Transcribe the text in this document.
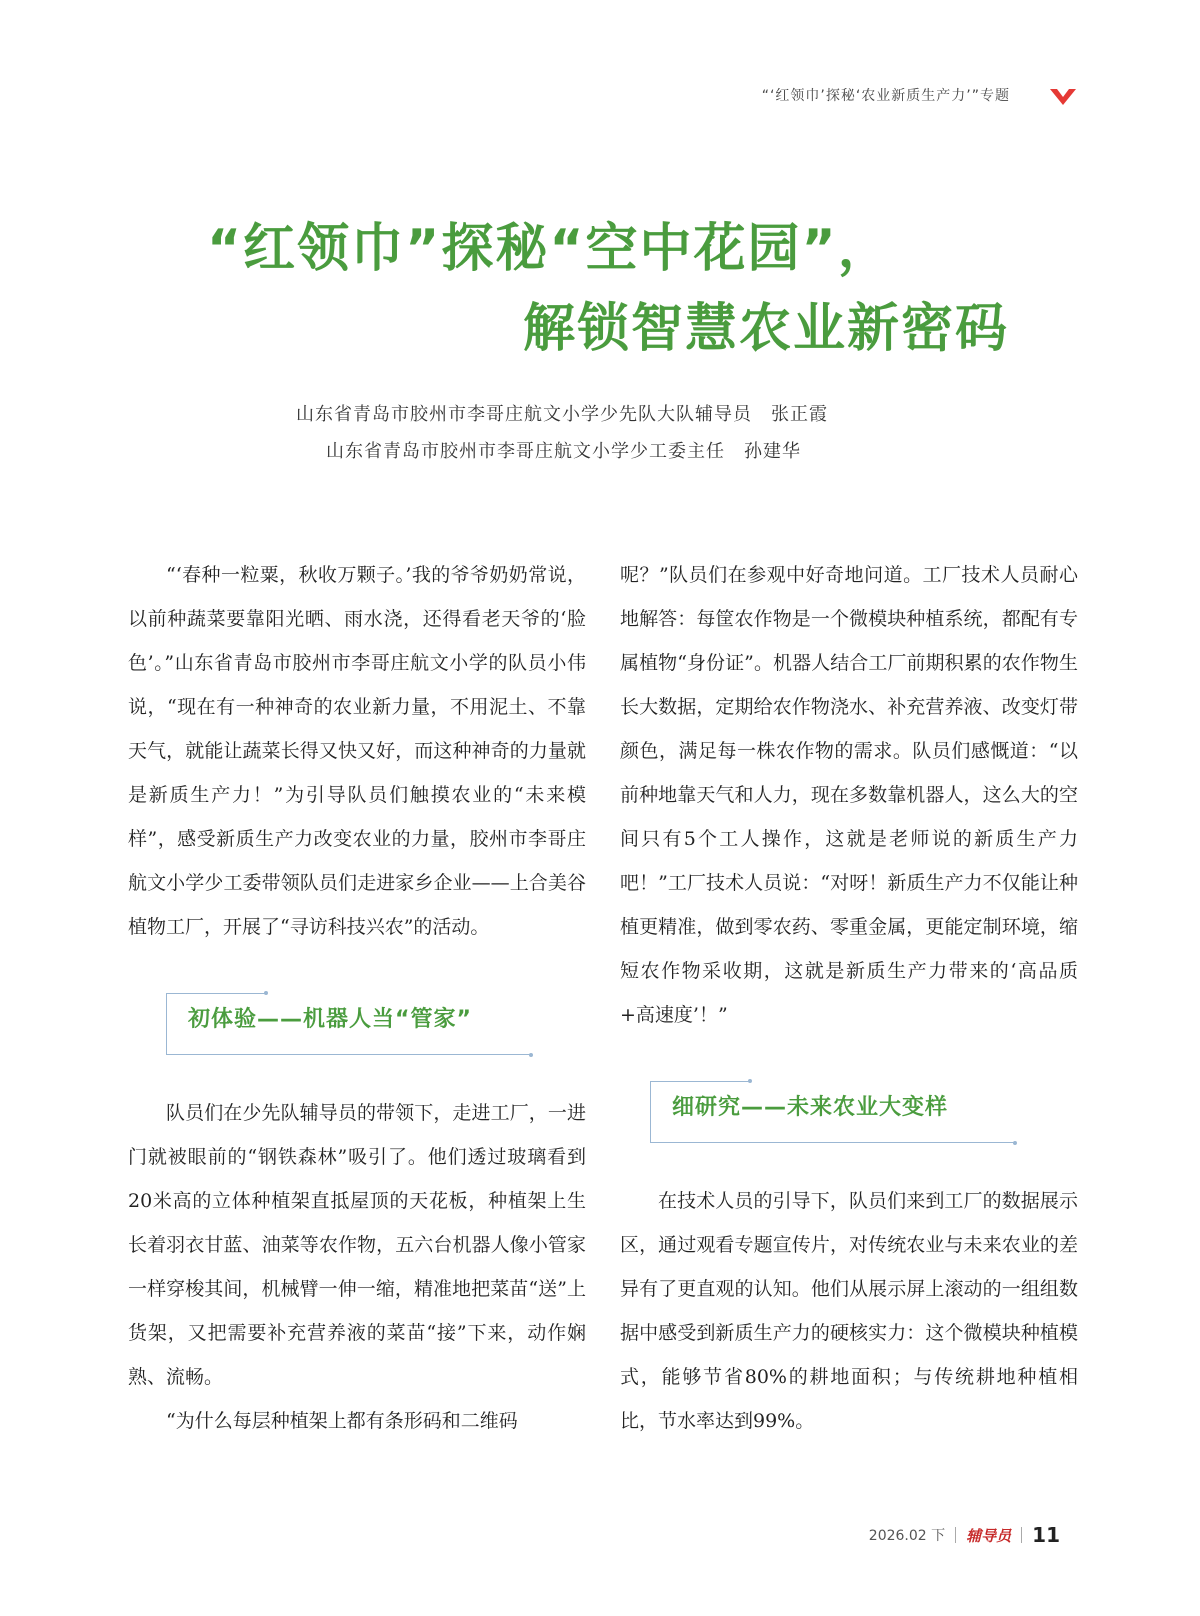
“‘红领巾’探秘‘农业新质生产力’”专题
“红领巾”探秘“空中花园”，
解锁智慧农业新密码
山东省青岛市胶州市李哥庄航文小学少先队大队辅导员　张正霞
山东省青岛市胶州市李哥庄航文小学少工委主任　孙建华

“‘春种一粒粟，秋收万颗子。’我的爷爷奶奶常说，以前种蔬菜要靠阳光晒、雨水浇，还得看老天爷的‘脸色’。”山东省青岛市胶州市李哥庄航文小学的队员小伟说，“现在有一种神奇的农业新力量，不用泥土、不靠天气，就能让蔬菜长得又快又好，而这种神奇的力量就是新质生产力！”为引导队员们触摸农业的“未来模样”，感受新质生产力改变农业的力量，胶州市李哥庄航文小学少工委带领队员们走进家乡企业——上合美谷植物工厂，开展了“寻访科技兴农”的活动。

初体验——机器人当“管家”

队员们在少先队辅导员的带领下，走进工厂，一进门就被眼前的“钢铁森林”吸引了。他们透过玻璃看到20米高的立体种植架直抵屋顶的天花板，种植架上生长着羽衣甘蓝、油菜等农作物，五六台机器人像小管家一样穿梭其间，机械臂一伸一缩，精准地把菜苗“送”上货架，又把需要补充营养液的菜苗“接”下来，动作娴熟、流畅。

“为什么每层种植架上都有条形码和二维码

呢？”队员们在参观中好奇地问道。工厂技术人员耐心地解答：每筐农作物是一个微模块种植系统，都配有专属植物“身份证”。机器人结合工厂前期积累的农作物生长大数据，定期给农作物浇水、补充营养液、改变灯带颜色，满足每一株农作物的需求。队员们感慨道：“以前种地靠天气和人力，现在多数靠机器人，这么大的空间只有5个工人操作，这就是老师说的新质生产力吧！”工厂技术人员说：“对呀！新质生产力不仅能让种植更精准，做到零农药、零重金属，更能定制环境，缩短农作物采收期，这就是新质生产力带来的‘高品质+高速度’！”

细研究——未来农业大变样

在技术人员的引导下，队员们来到工厂的数据展示区，通过观看专题宣传片，对传统农业与未来农业的差异有了更直观的认知。他们从展示屏上滚动的一组组数据中感受到新质生产力的硬核实力：这个微模块种植模式，能够节省80%的耕地面积；与传统耕地种植相比，节水率达到99%。

2026.02 下 辅导员 11
